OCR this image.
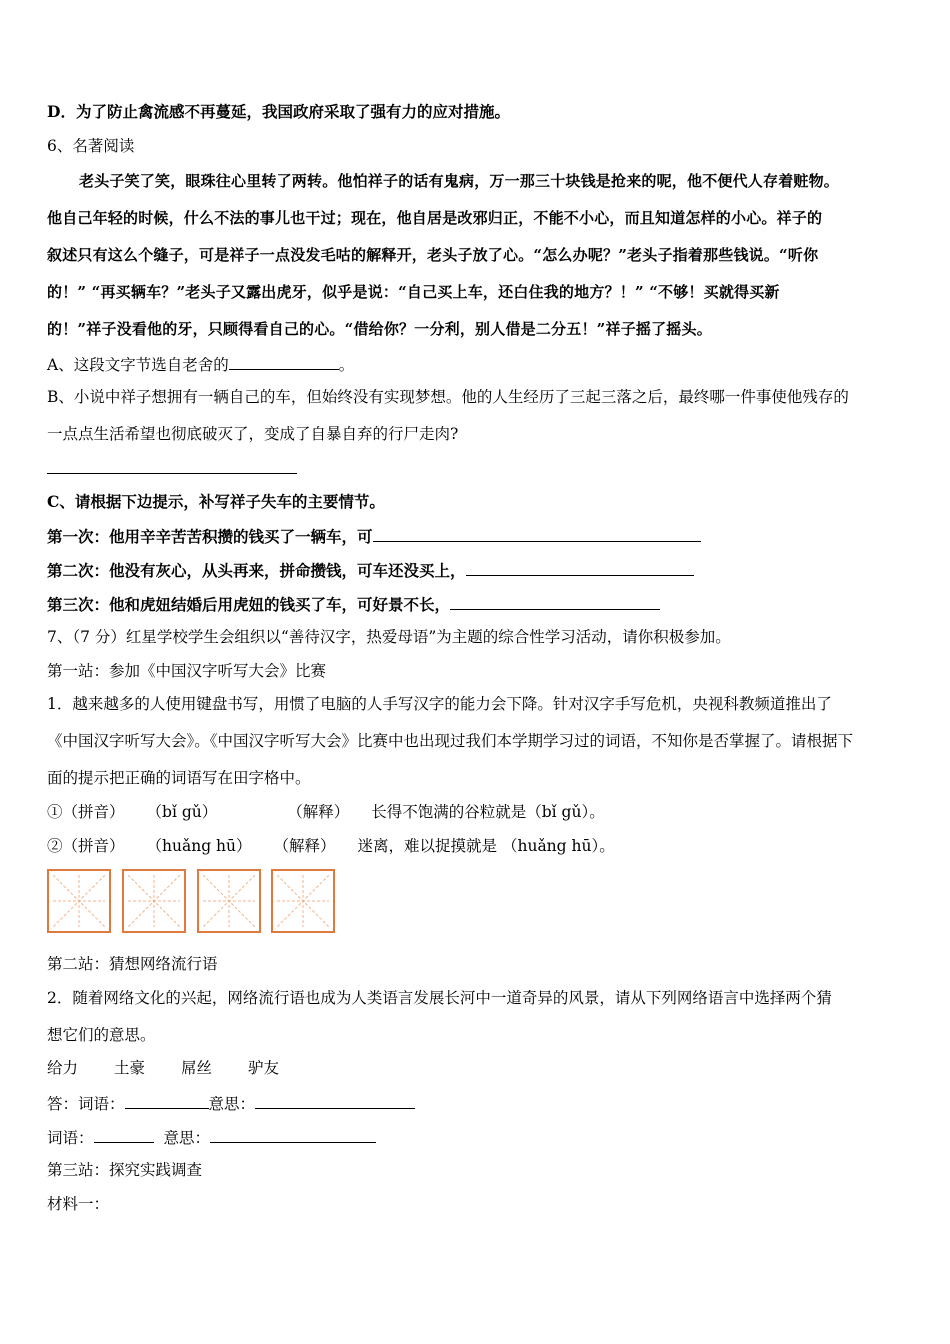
D．为了防止禽流感不再蔓延，我国政府采取了强有力的应对措施。
6、名著阅读
老头子笑了笑，眼珠往心里转了两转。他怕祥子的话有鬼病，万一那三十块钱是抢来的呢，他不便代人存着赃物。
他自己年轻的时候，什么不法的事儿也干过；现在，他自居是改邪归正，不能不小心，而且知道怎样的小心。祥子的
叙述只有这么个缝子，可是祥子一点没发毛咕的解释开，老头子放了心。“怎么办呢？”老头子指着那些钱说。“听你
的！” “再买辆车？”老头子又露出虎牙，似乎是说：“自己买上车，还白住我的地方？！” “不够！买就得买新
的！”祥子没看他的牙，只顾得看自己的心。“借给你？一分利，别人借是二分五！”祥子摇了摇头。
A、这段文字节选自老舍的	。
B、小说中祥子想拥有一辆自己的车，但始终没有实现梦想。他的人生经历了三起三落之后，最终哪一件事使他残存的
一点点生活希望也彻底破灭了，变成了自暴自弃的行尸走肉?
C、请根据下边提示，补写祥子失车的主要情节。
第一次：他用辛辛苦苦积攒的钱买了一辆车，可
第二次：他没有灰心，从头再来，拼命攒钱，可车还没买上，
第三次：他和虎妞结婚后用虎妞的钱买了车，可好景不长，
7、（7 分）红星学校学生会组织以“善待汉字，热爱母语”为主题的综合性学习活动，请你积极参加。
第一站：参加《中国汉字听写大会》比赛
1．越来越多的人使用键盘书写，用惯了电脑的人手写汉字的能力会下降。针对汉字手写危机，央视科教频道推出了
《中国汉字听写大会》。《中国汉字听写大会》比赛中也出现过我们本学期学习过的词语，不知你是否掌握了。请根据下
面的提示把正确的词语写在田字格中。
①（拼音） （bǐ gǔ）	（解释） 长得不饱满的谷粒就是（bǐ gǔ）。
②（拼音） （huǎng hū） （解释） 迷离，难以捉摸就是 （huǎng hū）。
第二站：猜想网络流行语
2．随着网络文化的兴起，网络流行语也成为人类语言发展长河中一道奇异的风景，请从下列网络语言中选择两个猜
想它们的意思。
给力 土豪 屌丝 驴友
答：词语：	意思：
词语：	意思：
第三站：探究实践调查
材料一：
